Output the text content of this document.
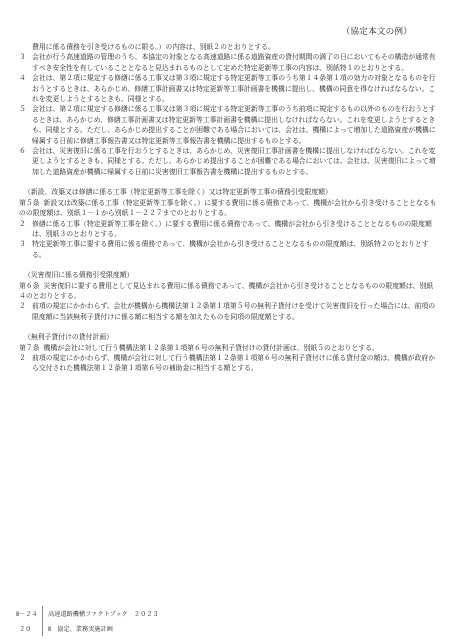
（協定本文の例）

費用に係る債務を引き受けるものに限る。）の内容は、別紙２のとおりとする。

３ 会社が行う高速道路の管理のうち、本協定の対象となる高速道路に係る道路資産の貸付期間の満了の日においてもその構造が通常有すべき安全性を有していることとなると見込まれるものとして定めた特定更新等工事の内容は、別紙特１のとおりとする。

４ 会社は、第２項に規定する修繕に係る工事又は第３項に規定する特定更新等工事のうち第１４条第１項の効力の対象となるものを行おうとするときは、あらかじめ、修繕工事計画書又は特定更新等工事計画書を機構に提出し、機構の同意を得なければならない。これを変更しようとするときも、同様とする。

５ 会社は、第２項に規定する修繕に係る工事又は第３項に規定する特定更新等工事のうち前項に規定するもの以外のものを行おうとするときは、あらかじめ、修繕工事計画書又は特定更新等工事計画書を機構に提出しなければならない。これを変更しようとするときも、同様とする。ただし、あらかじめ提出することが困難である場合においては、会社は、機構によって増加した道路資産が機構に帰属する日前に修繕工事報告書又は特定更新等工事報告書を機構に提出するものとする。

６ 会社は、災害復旧に係る工事を行おうとするときは、あらかじめ、災害復旧工事計画書を機構に提出しなければならない。これを変更しようとするときも、同様とする。ただし、あらかじめ提出することが困難である場合においては、会社は、災害復旧によって増加した道路資産が機構に帰属する日前に災害復旧工事報告書を機構に提出するものとする。

（新設、改築又は修繕に係る工事（特定更新等工事を除く）又は特定更新等工事の債務引受限度額）

第５条 新設又は改築に係る工事（特定更新等工事を除く。）に要する費用に係る債務であって、機構が会社から引き受けることとなるものの限度額は、別紙１－１から別紙１－２２７までのとおりとする。

２ 修繕に係る工事（特定更新等工事を除く。）に要する費用に係る債務であって、機構が会社から引き受けることとなるものの限度額は、別紙３のとおりとする。

３ 特定更新等工事に要する費用に係る債務であって、機構が会社から引き受けることとなるものの限度額は、別紙特２のとおりとする。

（災害復旧に係る債務引受限度額）

第６条 災害復旧に要する費用として見込まれる費用に係る債務であって、機構が会社から引き受けることとなるものの限度額は、別紙４のとおりとする。

２ 前項の規定にかかわらず、会社が機構から機構法第１２条第１項第５号の無利子貸付けを受けて災害復旧を行った場合には、前項の限度額に当該無利子貸付けに係る額に相当する額を加えたものを同項の限度額とする。

（無利子貸付けの貸付計画）

第７条 機構が会社に対して行う機構法第１２条第１項第６号の無利子貸付けの貸付計画は、別紙５のとおりとする。

２ 前項の規定にかかわらず、機構が会社に対して行う機構法第１２条第１項第６号の無利子貸付けに係る貸付金の額は、機構が政府から交付された機構法第１２条第１項第６号の補助金に相当する額とする。

Ⅱ－２４
２０
高速道路機構ファクトブック　２０２３
Ⅱ　協定、業務実施計画
